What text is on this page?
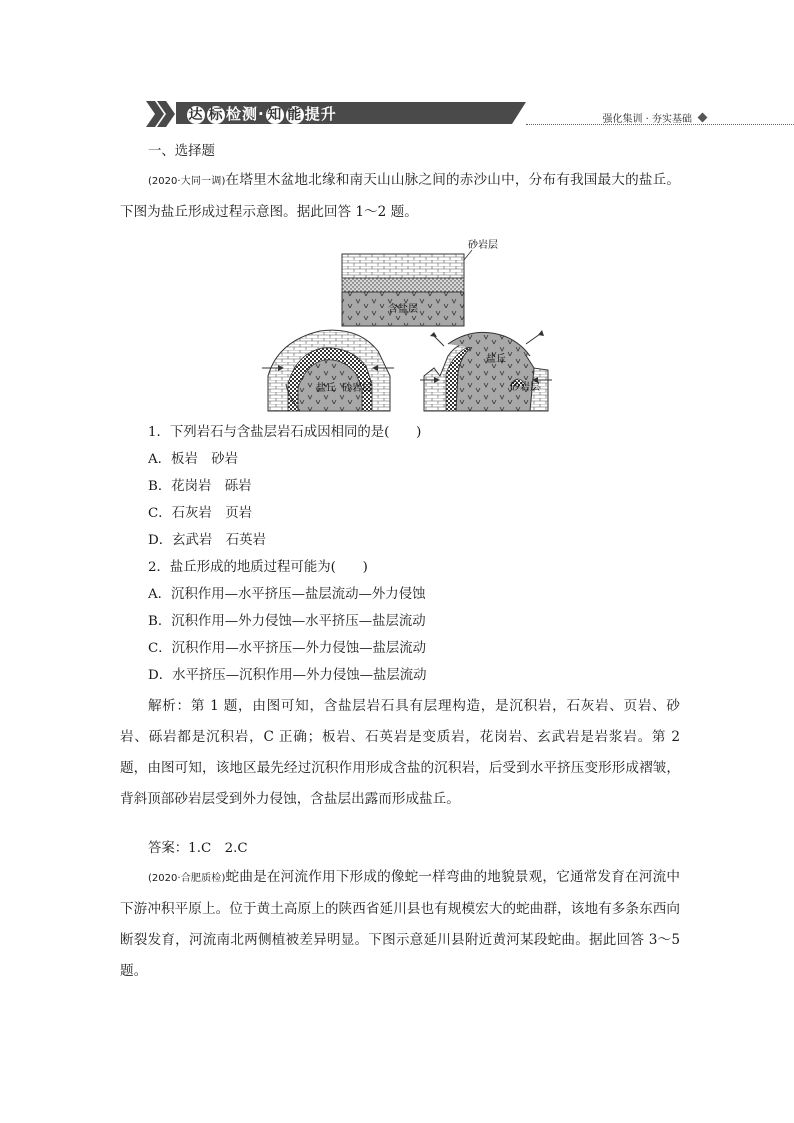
达 标 检测· 知 能 提升	强化集训 · 夯实基础
一、选择题
(2020·大同一调)在塔里木盆地北缘和南天山山脉之间的赤沙山中，分布有我国最大的盐丘。下图为盐丘形成过程示意图。据此回答 1～2 题。
砂岩层
含盐层
盐丘 砂岩层
盐丘
砂岩层
1．下列岩石与含盐层岩石成因相同的是(　　)
A．板岩　砂岩
B．花岗岩　砾岩
C．石灰岩　页岩
D．玄武岩　石英岩
2．盐丘形成的地质过程可能为(　　)
A．沉积作用—水平挤压—盐层流动—外力侵蚀
B．沉积作用—外力侵蚀—水平挤压—盐层流动
C．沉积作用—水平挤压—外力侵蚀—盐层流动
D．水平挤压—沉积作用—外力侵蚀—盐层流动
解析：第 1 题，由图可知，含盐层岩石具有层理构造，是沉积岩，石灰岩、页岩、砂岩、砾岩都是沉积岩，C 正确；板岩、石英岩是变质岩，花岗岩、玄武岩是岩浆岩。第 2 题，由图可知，该地区最先经过沉积作用形成含盐的沉积岩，后受到水平挤压变形形成褶皱，背斜顶部砂岩层受到外力侵蚀，含盐层出露而形成盐丘。
答案：1.C　2.C
(2020·合肥质检)蛇曲是在河流作用下形成的像蛇一样弯曲的地貌景观，它通常发育在河流中下游冲积平原上。位于黄土高原上的陕西省延川县也有规模宏大的蛇曲群，该地有多条东西向断裂发育，河流南北两侧植被差异明显。下图示意延川县附近黄河某段蛇曲。据此回答 3～5 题。
